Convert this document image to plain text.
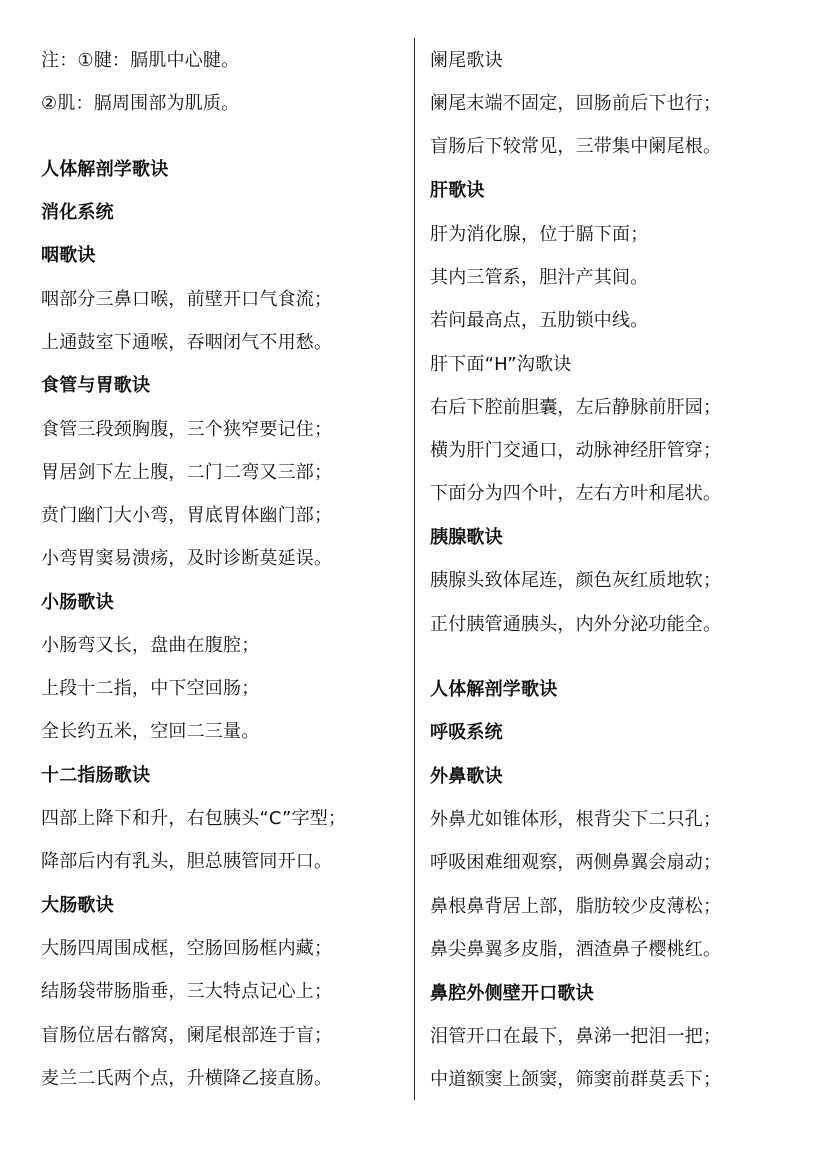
注：①腱：膈肌中心腱。
②肌：膈周围部为肌质。
人体解剖学歌诀
消化系统
咽歌诀
咽部分三鼻口喉，前壁开口气食流；
上通鼓室下通喉，吞咽闭气不用愁。
食管与胃歌诀
食管三段颈胸腹，三个狭窄要记住；
胃居剑下左上腹，二门二弯又三部；
贲门幽门大小弯，胃底胃体幽门部；
小弯胃窦易溃疡，及时诊断莫延误。
小肠歌诀
小肠弯又长，盘曲在腹腔；
上段十二指，中下空回肠；
全长约五米，空回二三量。
十二指肠歌诀
四部上降下和升，右包胰头“C”字型；
降部后内有乳头，胆总胰管同开口。
大肠歌诀
大肠四周围成框，空肠回肠框内藏；
结肠袋带肠脂垂，三大特点记心上；
盲肠位居右髂窝，阑尾根部连于盲；
麦兰二氏两个点，升横降乙接直肠。
阑尾歌诀
阑尾末端不固定，回肠前后下也行；
盲肠后下较常见，三带集中阑尾根。
肝歌诀
肝为消化腺，位于膈下面；
其内三管系，胆汁产其间。
若问最高点，五肋锁中线。
肝下面“H”沟歌诀
右后下腔前胆囊，左后静脉前肝园；
横为肝门交通口，动脉神经肝管穿；
下面分为四个叶，左右方叶和尾状。
胰腺歌诀
胰腺头致体尾连，颜色灰红质地软；
正付胰管通胰头，内外分泌功能全。
人体解剖学歌诀
呼吸系统
外鼻歌诀
外鼻尤如锥体形，根背尖下二只孔；
呼吸困难细观察，两侧鼻翼会扇动；
鼻根鼻背居上部，脂肪较少皮薄松；
鼻尖鼻翼多皮脂，酒渣鼻子樱桃红。
鼻腔外侧壁开口歌诀
泪管开口在最下，鼻涕一把泪一把；
中道额窦上颌窦，筛窦前群莫丢下；
